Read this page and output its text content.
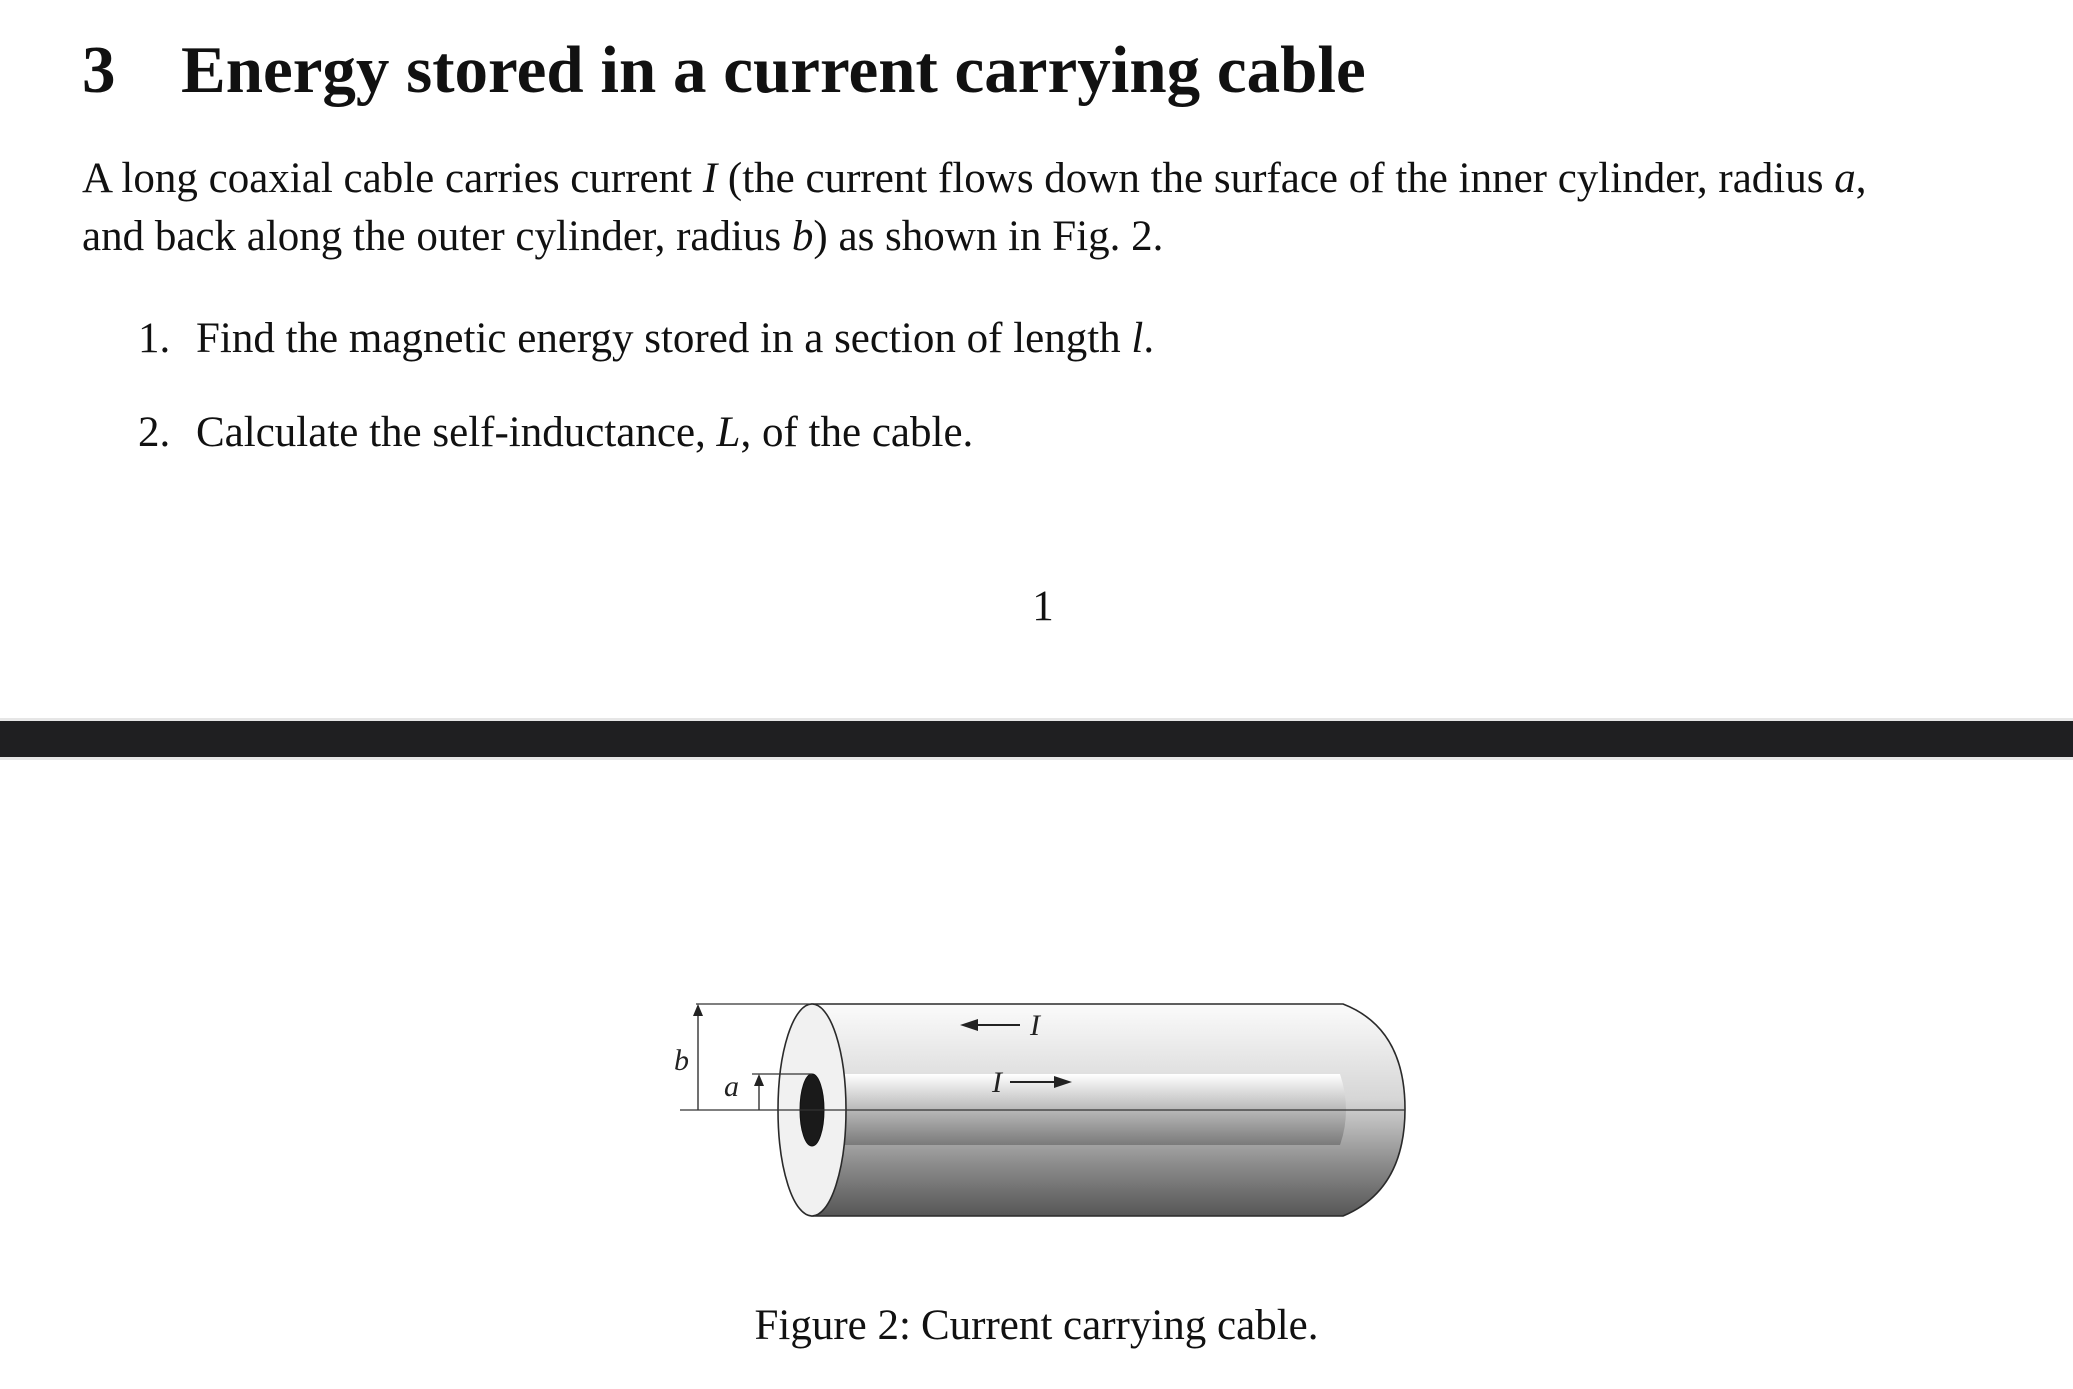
3 Energy stored in a current carrying cable

A long coaxial cable carries current I (the current flows down the surface of the inner cylinder, radius a,
and back along the outer cylinder, radius b) as shown in Fig. 2.

1. Find the magnetic energy stored in a section of length l.
2. Calculate the self-inductance, L, of the cable.
1
b
a
I
I
Figure 2: Current carrying cable.
